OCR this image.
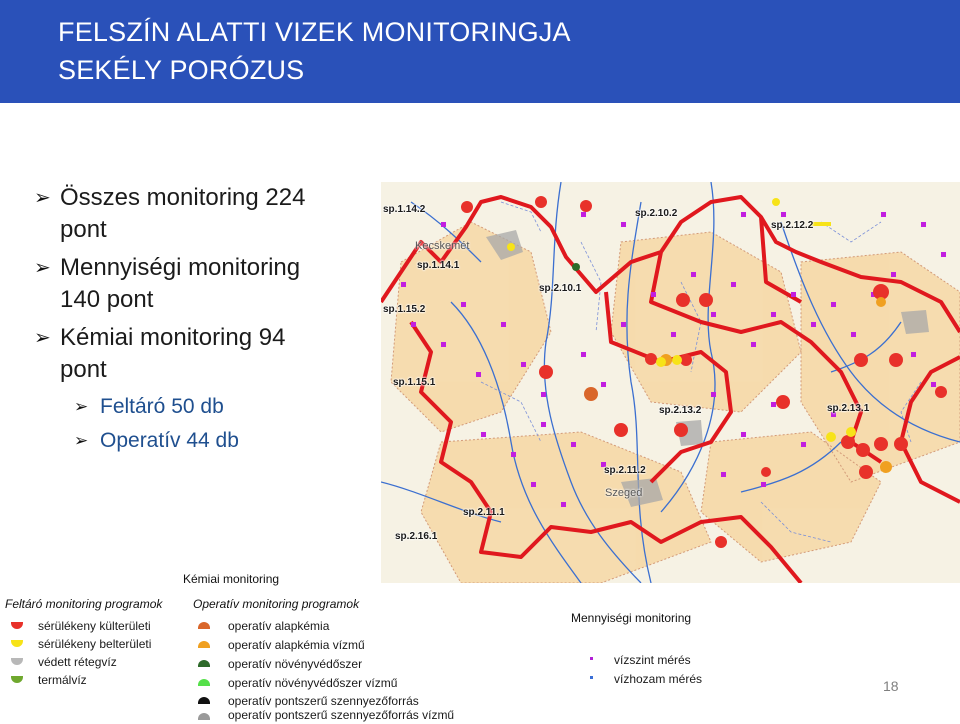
FELSZÍN ALATTI VIZEK MONITORINGJA
SEKÉLY PORÓZUS
➢ Összes monitoring 224
pont
➢ Mennyiségi monitoring
140 pont
➢ Kémiai monitoring 94
pont
➢ Feltáró 50 db
➢ Operatív 44 db
sp.1.14.2
Kecskemét
sp.1.14.1
sp.2.10.2
sp.2.12.2
sp.2.10.1
sp.1.15.2
sp.1.15.1
sp.2.13.2	sp.2.13.1
sp.2.11.2
Szeged
sp.2.11.1
sp.2.16.1
Kémiai monitoring
Feltáró monitoring programok	Operatív monitoring programok
sérülékeny külterületi
sérülékeny belterületi
védett rétegvíz
termálvíz
operatív alapkémia
operatív alapkémia vízmű
operatív növényvédőszer
operatív növényvédőszer vízmű
operatív pontszerű szennyezőforrás
operatív pontszerű szennyezőforrás vízmű
Mennyiségi monitoring
vízszint mérés
vízhozam mérés	18
